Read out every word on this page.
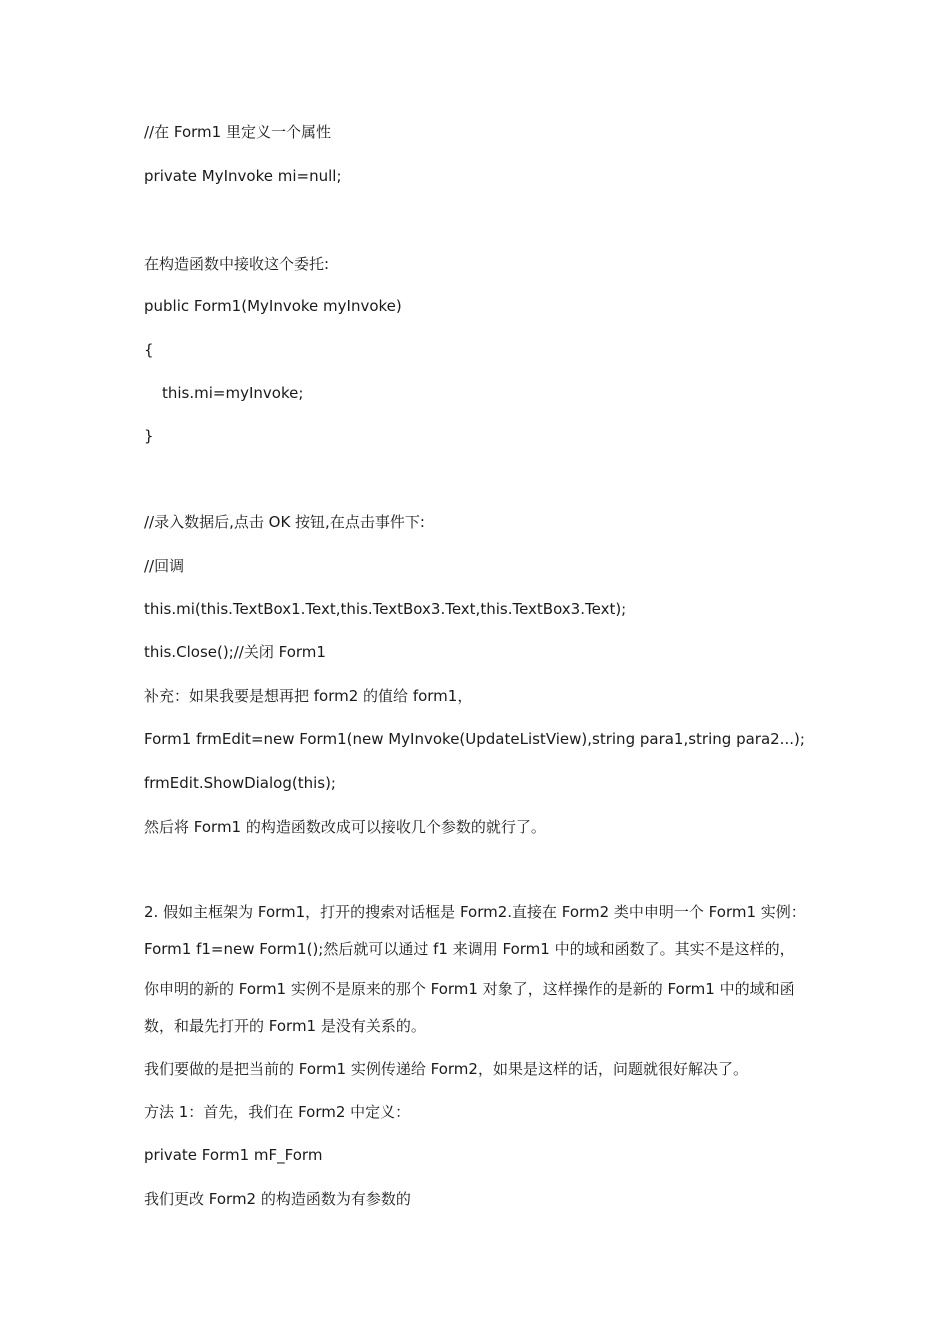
//在 Form1 里定义一个属性
private MyInvoke mi=null;
在构造函数中接收这个委托:
public Form1(MyInvoke myInvoke)
{
this.mi=myInvoke;
}
//录入数据后,点击 OK 按钮,在点击事件下:
//回调
this.mi(this.TextBox1.Text,this.TextBox3.Text,this.TextBox3.Text);
this.Close();//关闭 Form1
补充：如果我要是想再把 form2 的值给 form1，
Form1 frmEdit=new Form1(new MyInvoke(UpdateListView),string para1,string para2...);
frmEdit.ShowDialog(this);
然后将 Form1 的构造函数改成可以接收几个参数的就行了。
2. 假如主框架为 Form1，打开的搜索对话框是 Form2.直接在 Form2 类中申明一个 Form1 实例：
Form1 f1=new Form1();然后就可以通过 f1 来调用 Form1 中的域和函数了。其实不是这样的，
你申明的新的 Form1 实例不是原来的那个 Form1 对象了，这样操作的是新的 Form1 中的域和函
数，和最先打开的 Form1 是没有关系的。
我们要做的是把当前的 Form1 实例传递给 Form2，如果是这样的话，问题就很好解决了。
方法 1：首先，我们在 Form2 中定义：
private Form1 mF_Form
我们更改 Form2 的构造函数为有参数的
